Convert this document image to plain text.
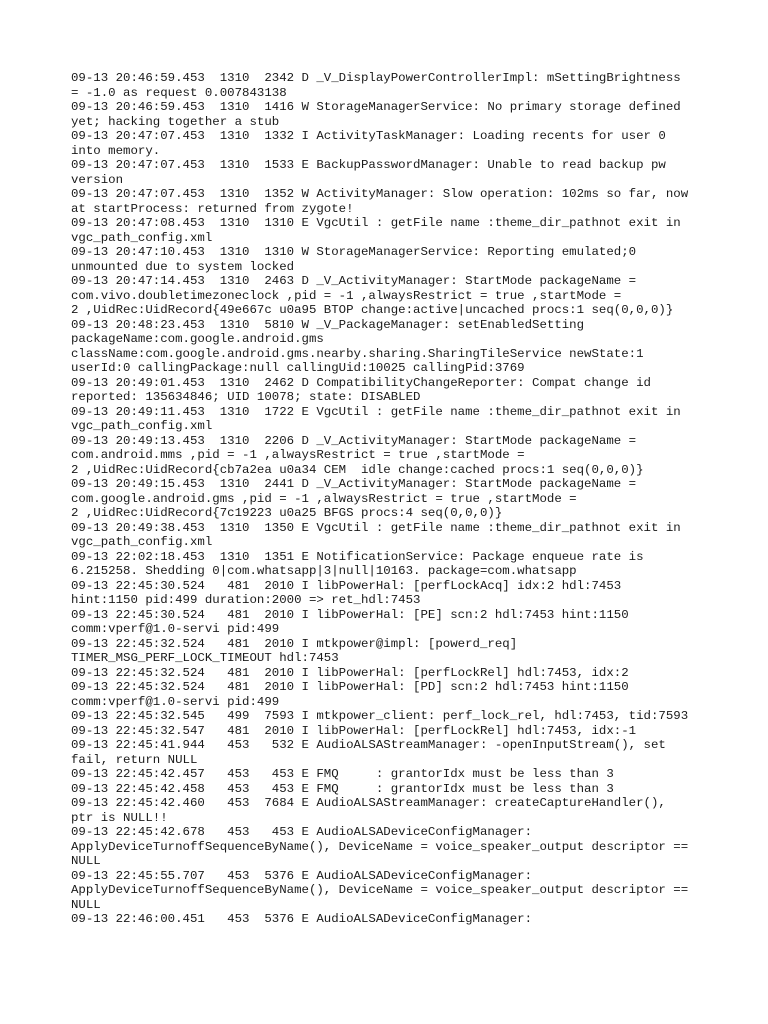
09-13 20:46:59.453  1310  2342 D _V_DisplayPowerControllerImpl: mSettingBrightness
= -1.0 as request 0.007843138
09-13 20:46:59.453  1310  1416 W StorageManagerService: No primary storage defined
yet; hacking together a stub
09-13 20:47:07.453  1310  1332 I ActivityTaskManager: Loading recents for user 0
into memory.
09-13 20:47:07.453  1310  1533 E BackupPasswordManager: Unable to read backup pw
version
09-13 20:47:07.453  1310  1352 W ActivityManager: Slow operation: 102ms so far, now
at startProcess: returned from zygote!
09-13 20:47:08.453  1310  1310 E VgcUtil : getFile name :theme_dir_pathnot exit in
vgc_path_config.xml
09-13 20:47:10.453  1310  1310 W StorageManagerService: Reporting emulated;0
unmounted due to system locked
09-13 20:47:14.453  1310  2463 D _V_ActivityManager: StartMode packageName =
com.vivo.doubletimezoneclock ,pid = -1 ,alwaysRestrict = true ,startMode =
2 ,UidRec:UidRecord{49e667c u0a95 BTOP change:active|uncached procs:1 seq(0,0,0)}
09-13 20:48:23.453  1310  5810 W _V_PackageManager: setEnabledSetting
packageName:com.google.android.gms
className:com.google.android.gms.nearby.sharing.SharingTileService newState:1
userId:0 callingPackage:null callingUid:10025 callingPid:3769
09-13 20:49:01.453  1310  2462 D CompatibilityChangeReporter: Compat change id
reported: 135634846; UID 10078; state: DISABLED
09-13 20:49:11.453  1310  1722 E VgcUtil : getFile name :theme_dir_pathnot exit in
vgc_path_config.xml
09-13 20:49:13.453  1310  2206 D _V_ActivityManager: StartMode packageName =
com.android.mms ,pid = -1 ,alwaysRestrict = true ,startMode =
2 ,UidRec:UidRecord{cb7a2ea u0a34 CEM  idle change:cached procs:1 seq(0,0,0)}
09-13 20:49:15.453  1310  2441 D _V_ActivityManager: StartMode packageName =
com.google.android.gms ,pid = -1 ,alwaysRestrict = true ,startMode =
2 ,UidRec:UidRecord{7c19223 u0a25 BFGS procs:4 seq(0,0,0)}
09-13 20:49:38.453  1310  1350 E VgcUtil : getFile name :theme_dir_pathnot exit in
vgc_path_config.xml
09-13 22:02:18.453  1310  1351 E NotificationService: Package enqueue rate is
6.215258. Shedding 0|com.whatsapp|3|null|10163. package=com.whatsapp
09-13 22:45:30.524   481  2010 I libPowerHal: [perfLockAcq] idx:2 hdl:7453
hint:1150 pid:499 duration:2000 => ret_hdl:7453
09-13 22:45:30.524   481  2010 I libPowerHal: [PE] scn:2 hdl:7453 hint:1150
comm:vperf@1.0-servi pid:499
09-13 22:45:32.524   481  2010 I mtkpower@impl: [powerd_req]
TIMER_MSG_PERF_LOCK_TIMEOUT hdl:7453
09-13 22:45:32.524   481  2010 I libPowerHal: [perfLockRel] hdl:7453, idx:2
09-13 22:45:32.524   481  2010 I libPowerHal: [PD] scn:2 hdl:7453 hint:1150
comm:vperf@1.0-servi pid:499
09-13 22:45:32.545   499  7593 I mtkpower_client: perf_lock_rel, hdl:7453, tid:7593
09-13 22:45:32.547   481  2010 I libPowerHal: [perfLockRel] hdl:7453, idx:-1
09-13 22:45:41.944   453   532 E AudioALSAStreamManager: -openInputStream(), set
fail, return NULL
09-13 22:45:42.457   453   453 E FMQ     : grantorIdx must be less than 3
09-13 22:45:42.458   453   453 E FMQ     : grantorIdx must be less than 3
09-13 22:45:42.460   453  7684 E AudioALSAStreamManager: createCaptureHandler(),
ptr is NULL!!
09-13 22:45:42.678   453   453 E AudioALSADeviceConfigManager:
ApplyDeviceTurnoffSequenceByName(), DeviceName = voice_speaker_output descriptor ==
NULL
09-13 22:45:55.707   453  5376 E AudioALSADeviceConfigManager:
ApplyDeviceTurnoffSequenceByName(), DeviceName = voice_speaker_output descriptor ==
NULL
09-13 22:46:00.451   453  5376 E AudioALSADeviceConfigManager:
